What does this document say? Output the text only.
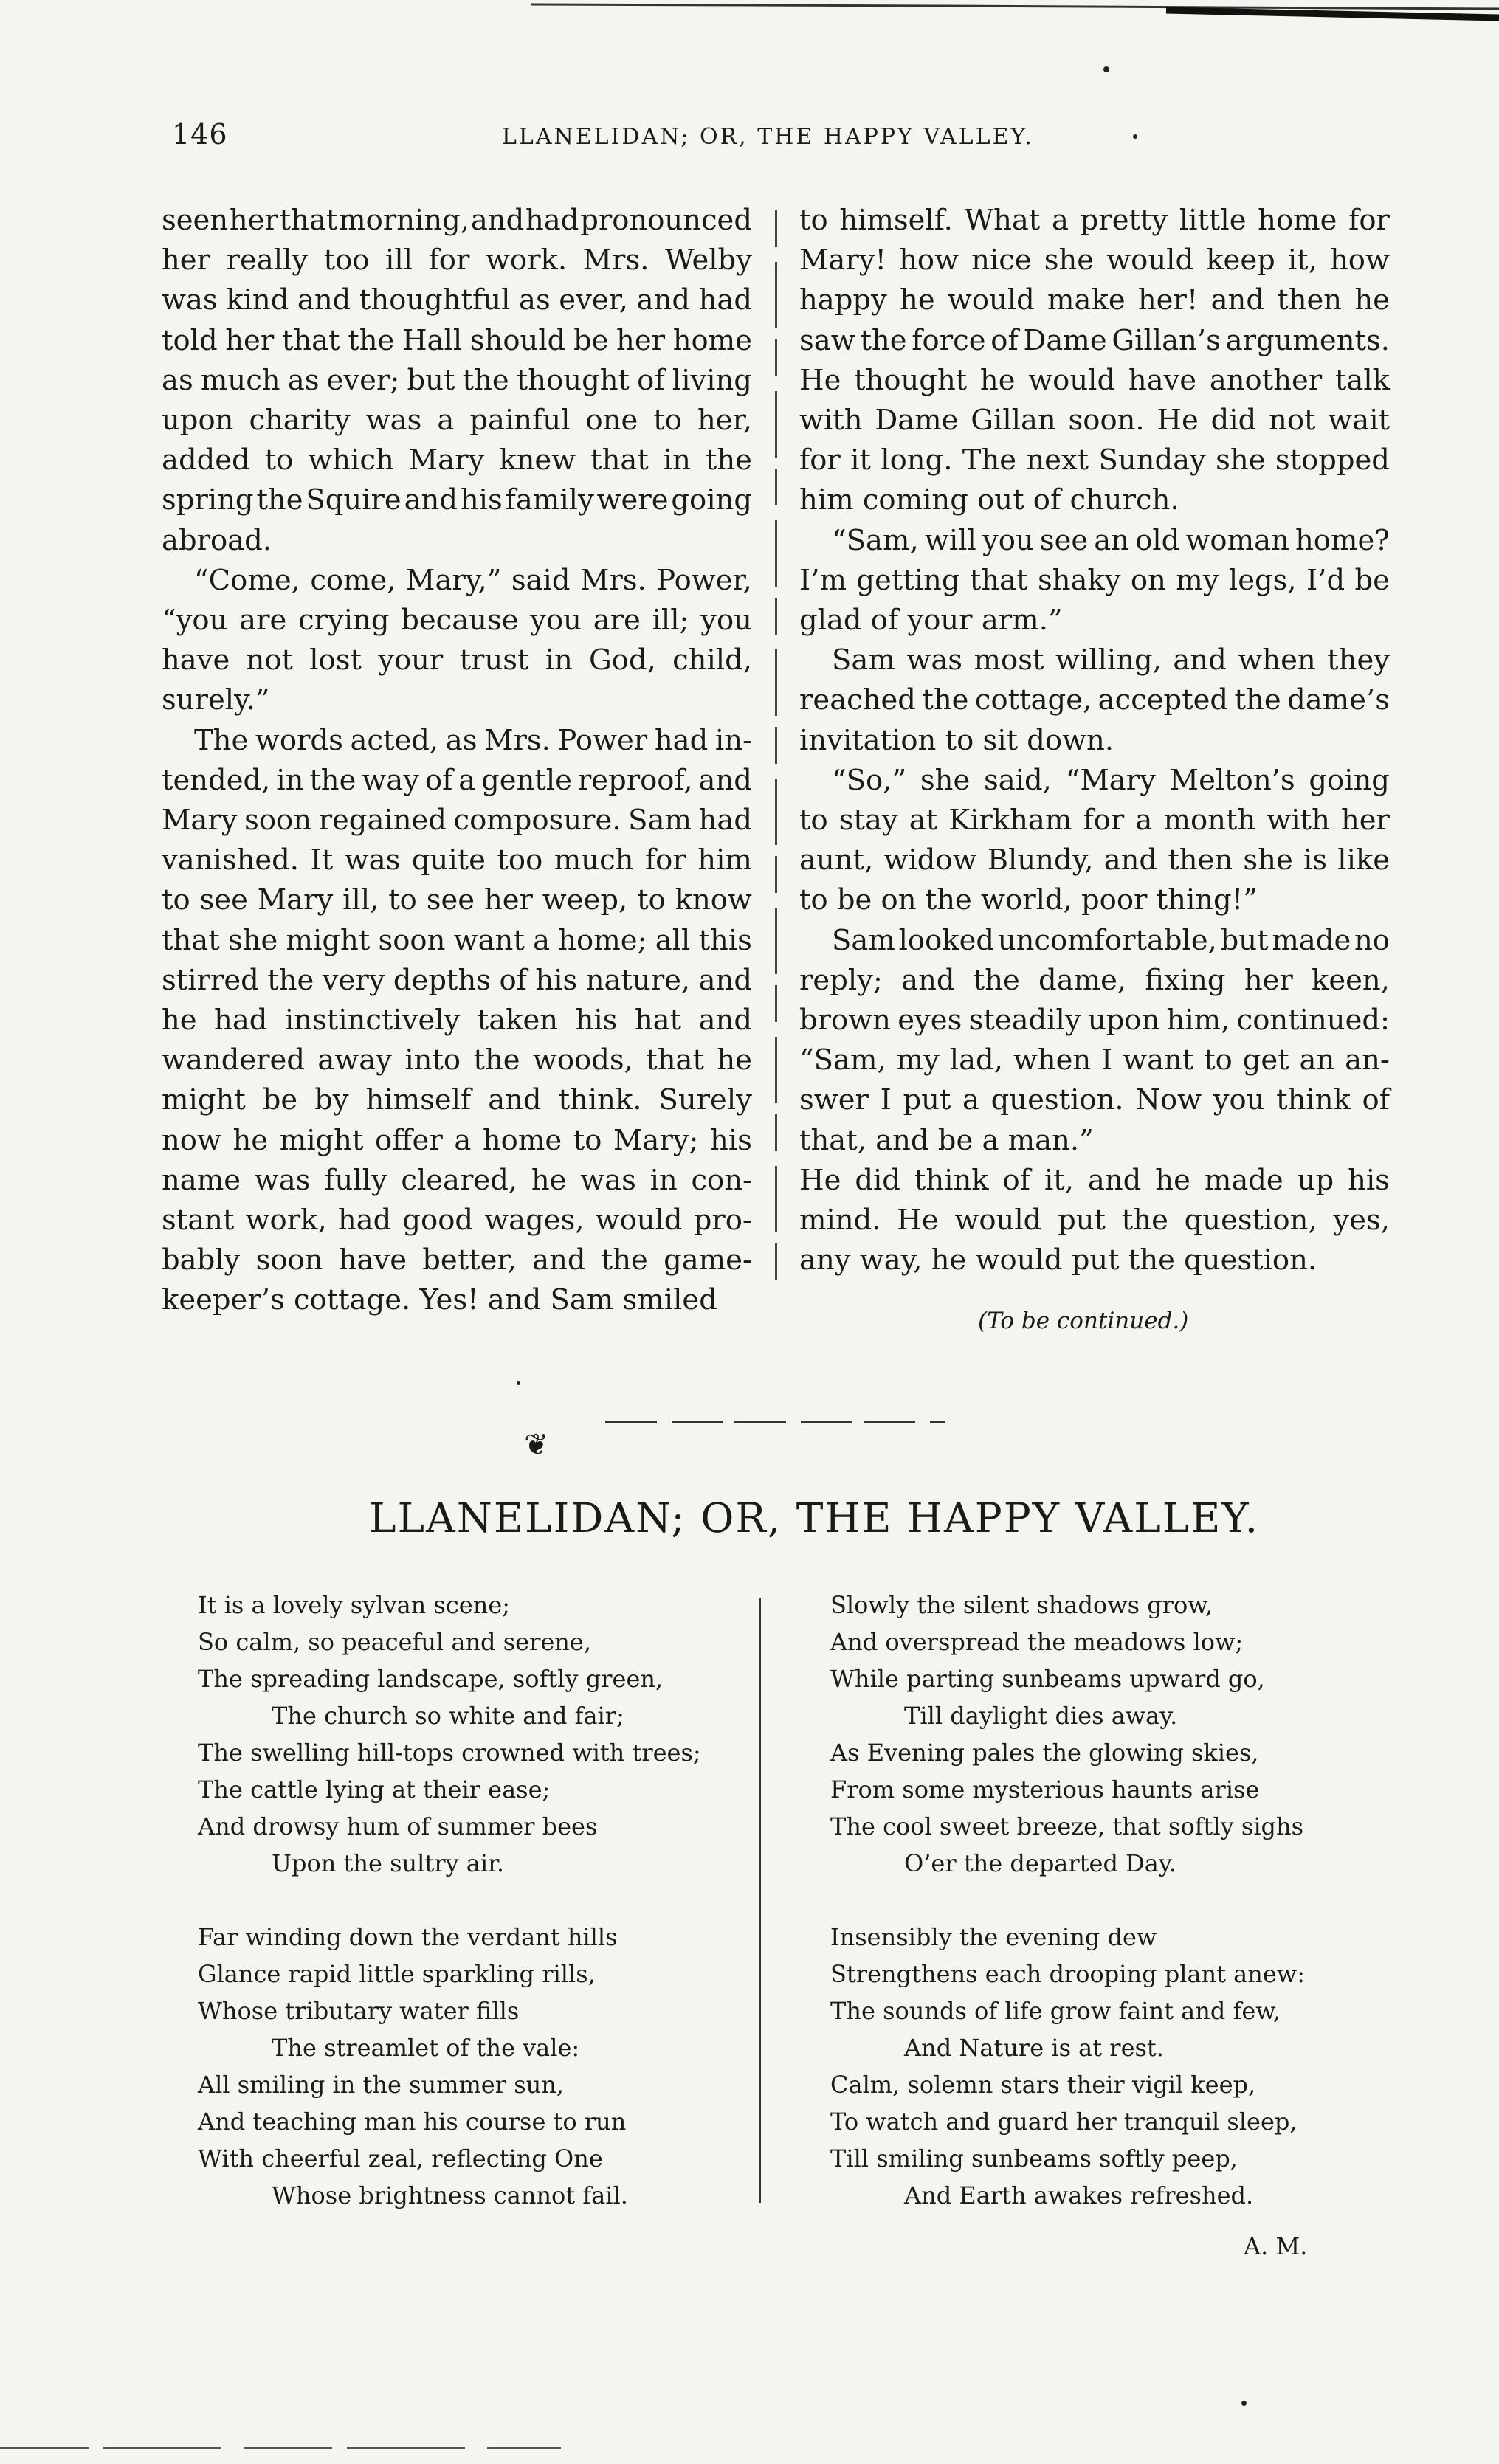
146	LLANELIDAN; OR, THE HAPPY VALLEY.
seen her that morning, and had pronounced
her really too ill for work. Mrs. Welby
was kind and thoughtful as ever, and had
told her that the Hall should be her home
as much as ever; but the thought of living
upon charity was a painful one to her,
added to which Mary knew that in the
spring the Squire and his family were going
abroad.
“Come, come, Mary,” said Mrs. Power,
“you are crying because you are ill; you
have not lost your trust in God, child,
surely.”
The words acted, as Mrs. Power had in-
tended, in the way of a gentle reproof, and
Mary soon regained composure. Sam had
vanished. It was quite too much for him
to see Mary ill, to see her weep, to know
that she might soon want a home; all this
stirred the very depths of his nature, and
he had instinctively taken his hat and
wandered away into the woods, that he
might be by himself and think. Surely
now he might offer a home to Mary; his
name was fully cleared, he was in con-
stant work, had good wages, would pro-
bably soon have better, and the game-
keeper’s cottage. Yes! and Sam smiled
to himself. What a pretty little home for
Mary! how nice she would keep it, how
happy he would make her! and then he
saw the force of Dame Gillan’s arguments.
He thought he would have another talk
with Dame Gillan soon. He did not wait
for it long. The next Sunday she stopped
him coming out of church.
“Sam, will you see an old woman home?
I’m getting that shaky on my legs, I’d be
glad of your arm.”
Sam was most willing, and when they
reached the cottage, accepted the dame’s
invitation to sit down.
“So,” she said, “Mary Melton’s going
to stay at Kirkham for a month with her
aunt, widow Blundy, and then she is like
to be on the world, poor thing!”
Sam looked uncomfortable, but made no
reply; and the dame, fixing her keen,
brown eyes steadily upon him, continued:
“Sam, my lad, when I want to get an an-
swer I put a question. Now you think of
that, and be a man.”
He did think of it, and he made up his
mind. He would put the question, yes,
any way, he would put the question.
(To be continued.)
❦
LLANELIDAN; OR, THE HAPPY VALLEY.
It is a lovely sylvan scene;
So calm, so peaceful and serene,
The spreading landscape, softly green,
The church so white and fair;
The swelling hill-tops crowned with trees;
The cattle lying at their ease;
And drowsy hum of summer bees
Upon the sultry air.
Far winding down the verdant hills
Glance rapid little sparkling rills,
Whose tributary water fills
The streamlet of the vale:
All smiling in the summer sun,
And teaching man his course to run
With cheerful zeal, reflecting One
Whose brightness cannot fail.
Slowly the silent shadows grow,
And overspread the meadows low;
While parting sunbeams upward go,
Till daylight dies away.
As Evening pales the glowing skies,
From some mysterious haunts arise
The cool sweet breeze, that softly sighs
O’er the departed Day.
Insensibly the evening dew
Strengthens each drooping plant anew:
The sounds of life grow faint and few,
And Nature is at rest.
Calm, solemn stars their vigil keep,
To watch and guard her tranquil sleep,
Till smiling sunbeams softly peep,
And Earth awakes refreshed.
A. M.
